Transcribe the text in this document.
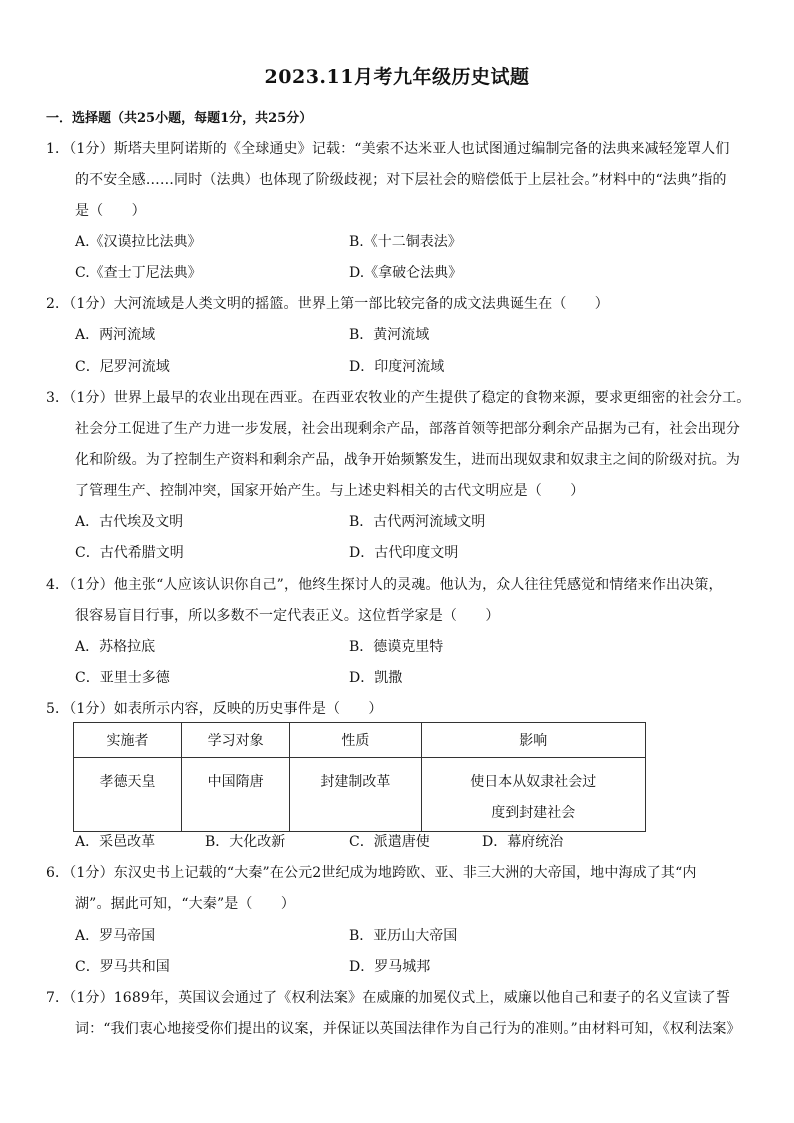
2023.11月考九年级历史试题
一．选择题（共25小题，每题1分，共25分）
1．（1分）斯塔夫里阿诺斯的《全球通史》记载：“美索不达米亚人也试图通过编制完备的法典来减轻笼罩人们
的不安全感……同时（法典）也体现了阶级歧视；对下层社会的赔偿低于上层社会。”材料中的“法典”指的
是（　　）
A.《汉谟拉比法典》	B.《十二铜表法》
C.《查士丁尼法典》	D.《拿破仑法典》
2．（1分）大河流域是人类文明的摇篮。世界上第一部比较完备的成文法典诞生在（　　）
A．两河流域	B．黄河流域
C．尼罗河流域	D．印度河流域
3．（1分）世界上最早的农业出现在西亚。在西亚农牧业的产生提供了稳定的食物来源，要求更细密的社会分工。
社会分工促进了生产力进一步发展，社会出现剩余产品，部落首领等把部分剩余产品据为己有，社会出现分
化和阶级。为了控制生产资料和剩余产品，战争开始频繁发生，进而出现奴隶和奴隶主之间的阶级对抗。为
了管理生产、控制冲突，国家开始产生。与上述史料相关的古代文明应是（　　）
A．古代埃及文明	B．古代两河流域文明
C．古代希腊文明	D．古代印度文明
4．（1分）他主张“人应该认识你自己”，他终生探讨人的灵魂。他认为，众人往往凭感觉和情绪来作出决策，
很容易盲目行事，所以多数不一定代表正义。这位哲学家是（　　）
A．苏格拉底	B．德谟克里特
C．亚里士多德	D．凯撒
5．（1分）如表所示内容，反映的历史事件是（　　）
实施者	学习对象	性质	影响
孝德天皇	中国隋唐	封建制改革	使日本从奴隶社会过
度到封建社会
A．采邑改革	B．大化改新	C．派遣唐使	D．幕府统治
6．（1分）东汉史书上记载的“大秦”在公元2世纪成为地跨欧、亚、非三大洲的大帝国，地中海成了其“内
湖”。据此可知，“大秦”是（　　）
A．罗马帝国	B．亚历山大帝国
C．罗马共和国	D．罗马城邦
7．（1分）1689年，英国议会通过了《权利法案》在威廉的加冕仪式上，威廉以他自己和妻子的名义宣读了誓
词：“我们衷心地接受你们提出的议案，并保证以英国法律作为自己行为的准则。”由材料可知，《权利法案》
